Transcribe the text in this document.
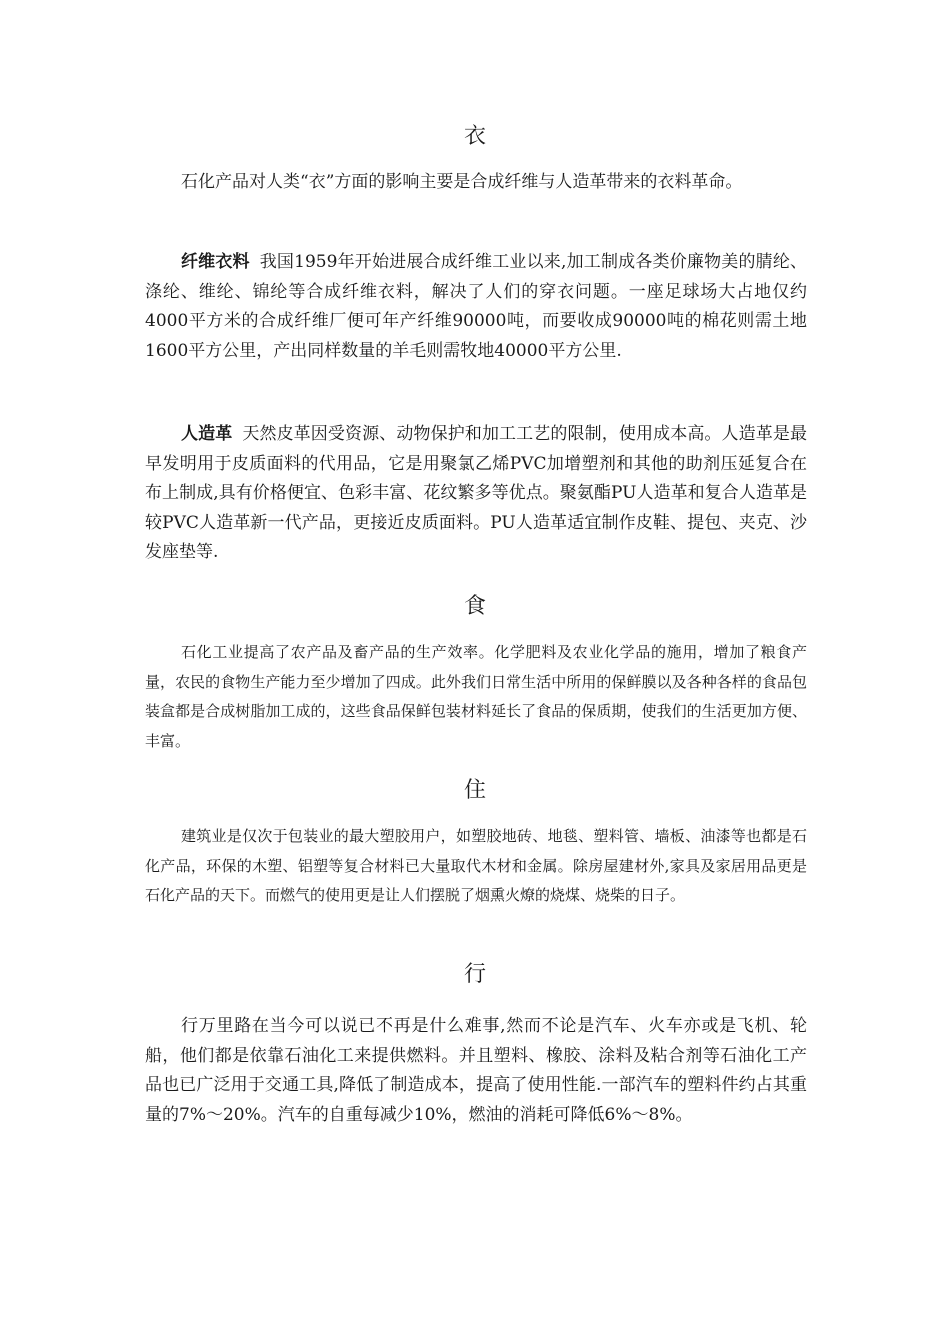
衣

石化产品对人类“衣”方面的影响主要是合成纤维与人造革带来的衣料革命。

纤维衣料 我国1959年开始进展合成纤维工业以来,加工制成各类价廉物美的腈纶、涤纶、维纶、锦纶等合成纤维衣料，解决了人们的穿衣问题。一座足球场大占地仅约4000平方米的合成纤维厂便可年产纤维90000吨，而要收成90000吨的棉花则需土地1600平方公里，产出同样数量的羊毛则需牧地40000平方公里.

人造革 天然皮革因受资源、动物保护和加工工艺的限制，使用成本高。人造革是最早发明用于皮质面料的代用品，它是用聚氯乙烯PVC加增塑剂和其他的助剂压延复合在布上制成,具有价格便宜、色彩丰富、花纹繁多等优点。聚氨酯PU人造革和复合人造革是较PVC人造革新一代产品，更接近皮质面料。PU人造革适宜制作皮鞋、提包、夹克、沙发座垫等.

食

石化工业提高了农产品及畜产品的生产效率。化学肥料及农业化学品的施用，增加了粮食产量，农民的食物生产能力至少增加了四成。此外我们日常生活中所用的保鲜膜以及各种各样的食品包装盒都是合成树脂加工成的，这些食品保鲜包装材料延长了食品的保质期，使我们的生活更加方便、丰富。

住

建筑业是仅次于包装业的最大塑胶用户，如塑胶地砖、地毯、塑料管、墙板、油漆等也都是石化产品，环保的木塑、铝塑等复合材料已大量取代木材和金属。除房屋建材外,家具及家居用品更是石化产品的天下。而燃气的使用更是让人们摆脱了烟熏火燎的烧煤、烧柴的日子。

行

行万里路在当今可以说已不再是什么难事,然而不论是汽车、火车亦或是飞机、轮船，他们都是依靠石油化工来提供燃料。并且塑料、橡胶、涂料及粘合剂等石油化工产品也已广泛用于交通工具,降低了制造成本，提高了使用性能.一部汽车的塑料件约占其重量的7%～20%。汽车的自重每减少10%，燃油的消耗可降低6%～8%。
